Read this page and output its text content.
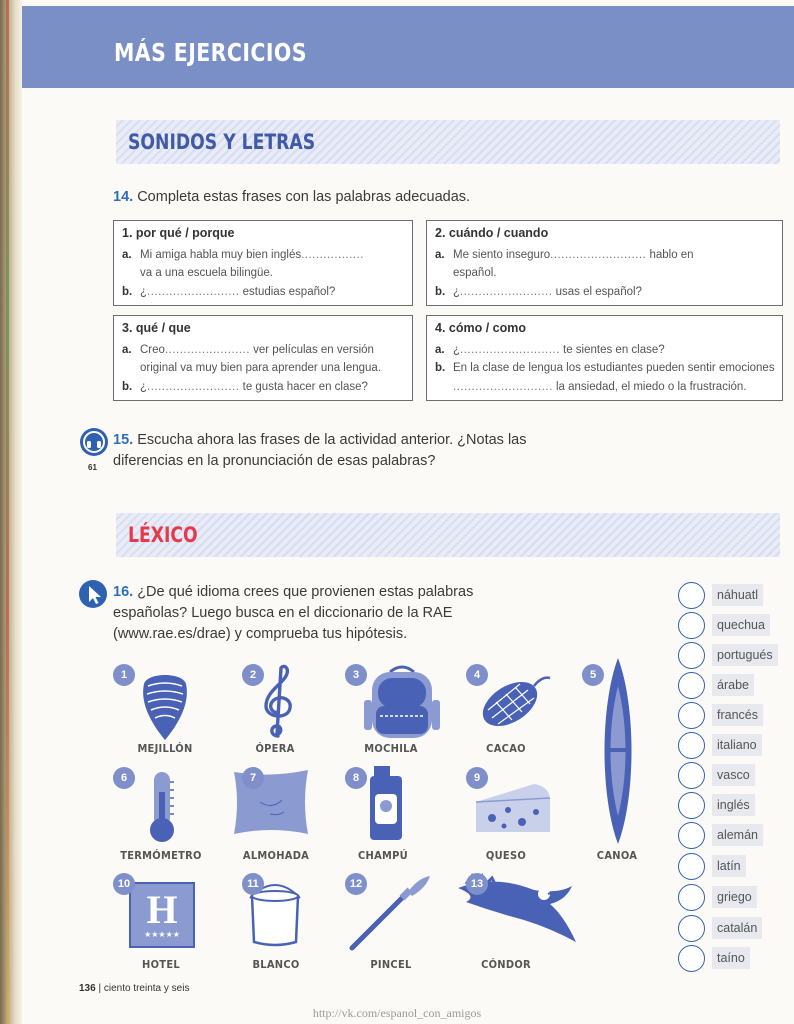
MÁS EJERCICIOS
SONIDOS Y LETRAS
14. Completa estas frases con las palabras adecuadas.
1. por qué / porque
a. Mi amiga habla muy bien inglés.................
va a una escuela bilingüe.
b. ¿......................... estudias español?
2. cuándo / cuando
a. Me siento inseguro.......................... hablo en
español.
b. ¿......................... usas el español?
3. qué / que
a. Creo....................... ver películas en versión
original va muy bien para aprender una lengua.
b. ¿......................... te gusta hacer en clase?
4. cómo / como
a. ¿........................... te sientes en clase?
b. En la clase de lengua los estudiantes pueden sentir emociones
........................... la ansiedad, el miedo o la frustración.
61
15. Escucha ahora las frases de la actividad anterior. ¿Notas las
diferencias en la pronunciación de esas palabras?
LÉXICO
16. ¿De qué idioma crees que provienen estas palabras
españolas? Luego busca en el diccionario de la RAE
(www.rae.es/drae) y comprueba tus hipótesis.
1
MEJILLÓN
2
ÓPERA
3
MOCHILA
4
CACAO
5
CANOA
6
TERMÓMETRO
7
ALMOHADA
8
CHAMPÚ
9
QUESO
H
★★★★★
10
HOTEL
11
BLANCO
12
PINCEL
13
CÓNDOR
náhuatl
quechua
portugués
árabe
francés
italiano
vasco
inglés
alemán
latín
griego
catalán
taíno
136 | ciento treinta y seis
http://vk.com/espanol_con_amigos
